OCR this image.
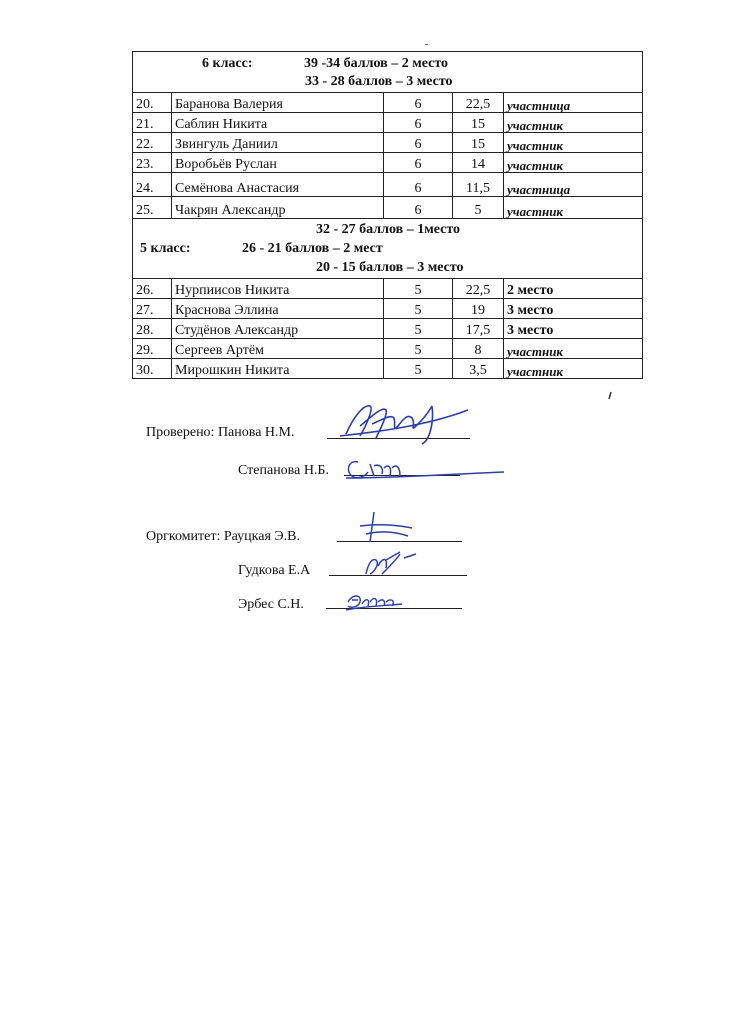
6 класс: 39 -34 баллов – 2 место
33 - 28 баллов – 3 место				

20.	Баранова Валерия	6	22,5	участница
21.	Саблин Никита	6	15	участник
22.	Звингуль Даниил	6	15	участник
23.	Воробьёв Руслан	6	14	участник
24.	Семёнова Анастасия	6	11,5	участница
25.	Чакрян Александр	6	5	участник

32 - 27 баллов – 1место
5 класс: 26 - 21 баллов – 2 мест
20 - 15 баллов – 3 место				

26.	Нурпиисов Никита	5	22,5	2 место
27.	Краснова Эллина	5	19	3 место
28.	Студёнов Александр	5	17,5	3 место
29.	Сергеев Артём	5	8	участник
30.	Мирошкин Никита	5	3,5	участник
Проверено: Панова Н.М.
Степанова Н.Б.
Оргкомитет: Рауцкая Э.В.
Гудкова Е.А
Эрбес С.Н.
